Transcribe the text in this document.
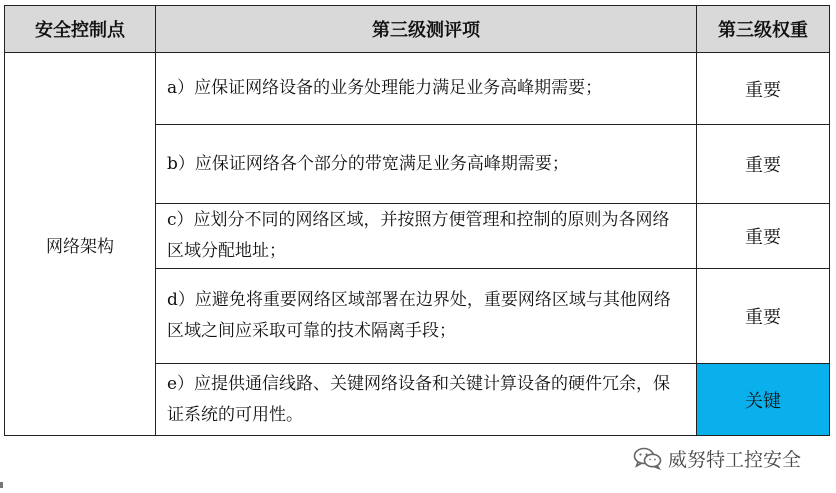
安全控制点	第三级测评项	第三级权重
网络架构	a）应保证网络设备的业务处理能力满足业务高峰期需要；	重要
	b）应保证网络各个部分的带宽满足业务高峰期需要；	重要
	c）应划分不同的网络区域，并按照方便管理和控制的原则为各网络区域分配地址；	重要
	d）应避免将重要网络区域部署在边界处，重要网络区域与其他网络区域之间应采取可靠的技术隔离手段；	重要
	e）应提供通信线路、关键网络设备和关键计算设备的硬件冗余，保证系统的可用性。	关键
威努特工控安全
